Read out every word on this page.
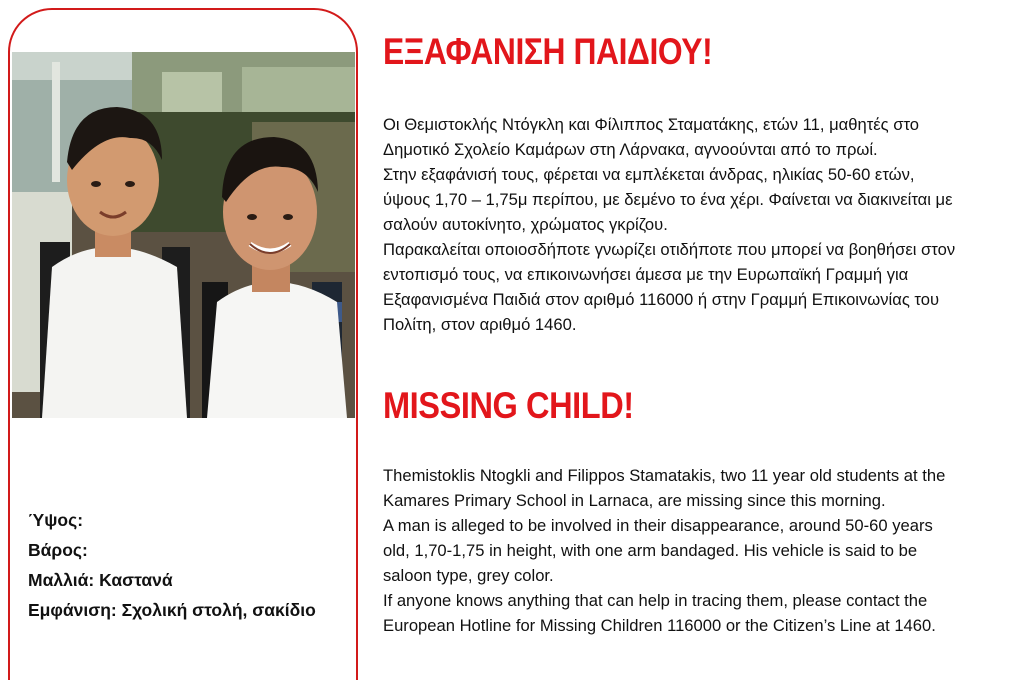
Ύψος:
Βάρος:
Μαλλιά: Καστανά
Εμφάνιση: Σχολική στολή, σακίδιο
ΕΞΑΦΑΝΙΣΗ ΠΑΙΔΙΟΥ!

Οι Θεμιστοκλής Ντόγκλη και Φίλιππος Σταματάκης, ετών 11, μαθητές στο
Δημοτικό Σχολείο Καμάρων στη Λάρνακα, αγνοούνται από το πρωί.
Στην εξαφάνισή τους, φέρεται να εμπλέκεται άνδρας, ηλικίας 50-60 ετών,
ύψους 1,70 – 1,75μ περίπου, με δεμένο το ένα χέρι. Φαίνεται να διακινείται με
σαλούν αυτοκίνητο, χρώματος γκρίζου.
Παρακαλείται οποιοσδήποτε γνωρίζει οτιδήποτε που μπορεί να βοηθήσει στον
εντοπισμό τους, να επικοινωνήσει άμεσα με την Ευρωπαϊκή Γραμμή για
Εξαφανισμένα Παιδιά στον αριθμό 116000 ή στην Γραμμή Επικοινωνίας του
Πολίτη, στον αριθμό 1460.

MISSING CHILD!

Themistoklis Ntogkli and Filippos Stamatakis, two 11 year old students at the
Kamares Primary School in Larnaca, are missing since this morning.
A man is alleged to be involved in their disappearance, around 50-60 years
old, 1,70-1,75 in height, with one arm bandaged. His vehicle is said to be
saloon type, grey color.
If anyone knows anything that can help in tracing them, please contact the
European Hotline for Missing Children 116000 or the Citizen’s Line at 1460.
